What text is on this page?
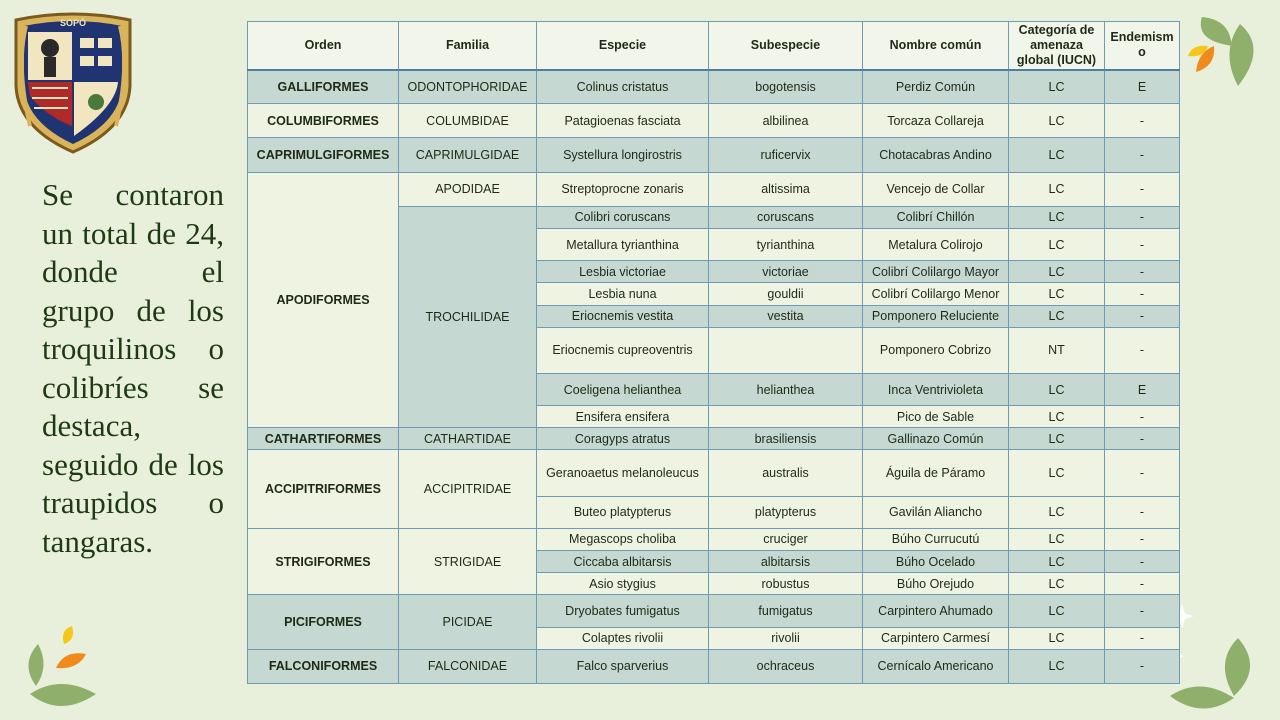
SOPÓ

Se contaron un total de 24, donde el grupo de los troquilinos o colibríes se destaca, seguido de los traupidos o tangaras.

Orden	Familia	Especie	Subespecie	Nombre común	Categoría de amenaza global (IUCN)	Endemismo
GALLIFORMES	ODONTOPHORIDAE	Colinus cristatus	bogotensis	Perdiz Común	LC	E
COLUMBIFORMES	COLUMBIDAE	Patagioenas fasciata	albilinea	Torcaza Collareja	LC	-
CAPRIMULGIFORMES	CAPRIMULGIDAE	Systellura longirostris	ruficervix	Chotacabras Andino	LC	-
APODIFORMES	APODIDAE	Streptoprocne zonaris	altissima	Vencejo de Collar	LC	-
	TROCHILIDAE	Colibri coruscans	coruscans	Colibrí Chillón	LC	-
		Metallura tyrianthina	tyrianthina	Metalura Colirojo	LC	-
		Lesbia victoriae	victoriae	Colibrí Colilargo Mayor	LC	-
		Lesbia nuna	gouldii	Colibrí Colilargo Menor	LC	-
		Eriocnemis vestita	vestita	Pomponero Reluciente	LC	-
		Eriocnemis cupreoventris		Pomponero Cobrizo	NT	-
		Coeligena helianthea	helianthea	Inca Ventrivioleta	LC	E
		Ensifera ensifera		Pico de Sable	LC	-
CATHARTIFORMES	CATHARTIDAE	Coragyps atratus	brasiliensis	Gallinazo Común	LC	-
ACCIPITRIFORMES	ACCIPITRIDAE	Geranoaetus melanoleucus	australis	Águila de Páramo	LC	-
		Buteo platypterus	platypterus	Gavilán Aliancho	LC	-
STRIGIFORMES	STRIGIDAE	Megascops choliba	cruciger	Búho Currucutú	LC	-
		Ciccaba albitarsis	albitarsis	Búho Ocelado	LC	-
		Asio stygius	robustus	Búho Orejudo	LC	-
PICIFORMES	PICIDAE	Dryobates fumigatus	fumigatus	Carpintero Ahumado	LC	-
		Colaptes rivolii	rivolii	Carpintero Carmesí	LC	-
FALCONIFORMES	FALCONIDAE	Falco sparverius	ochraceus	Cernícalo Americano	LC	-
